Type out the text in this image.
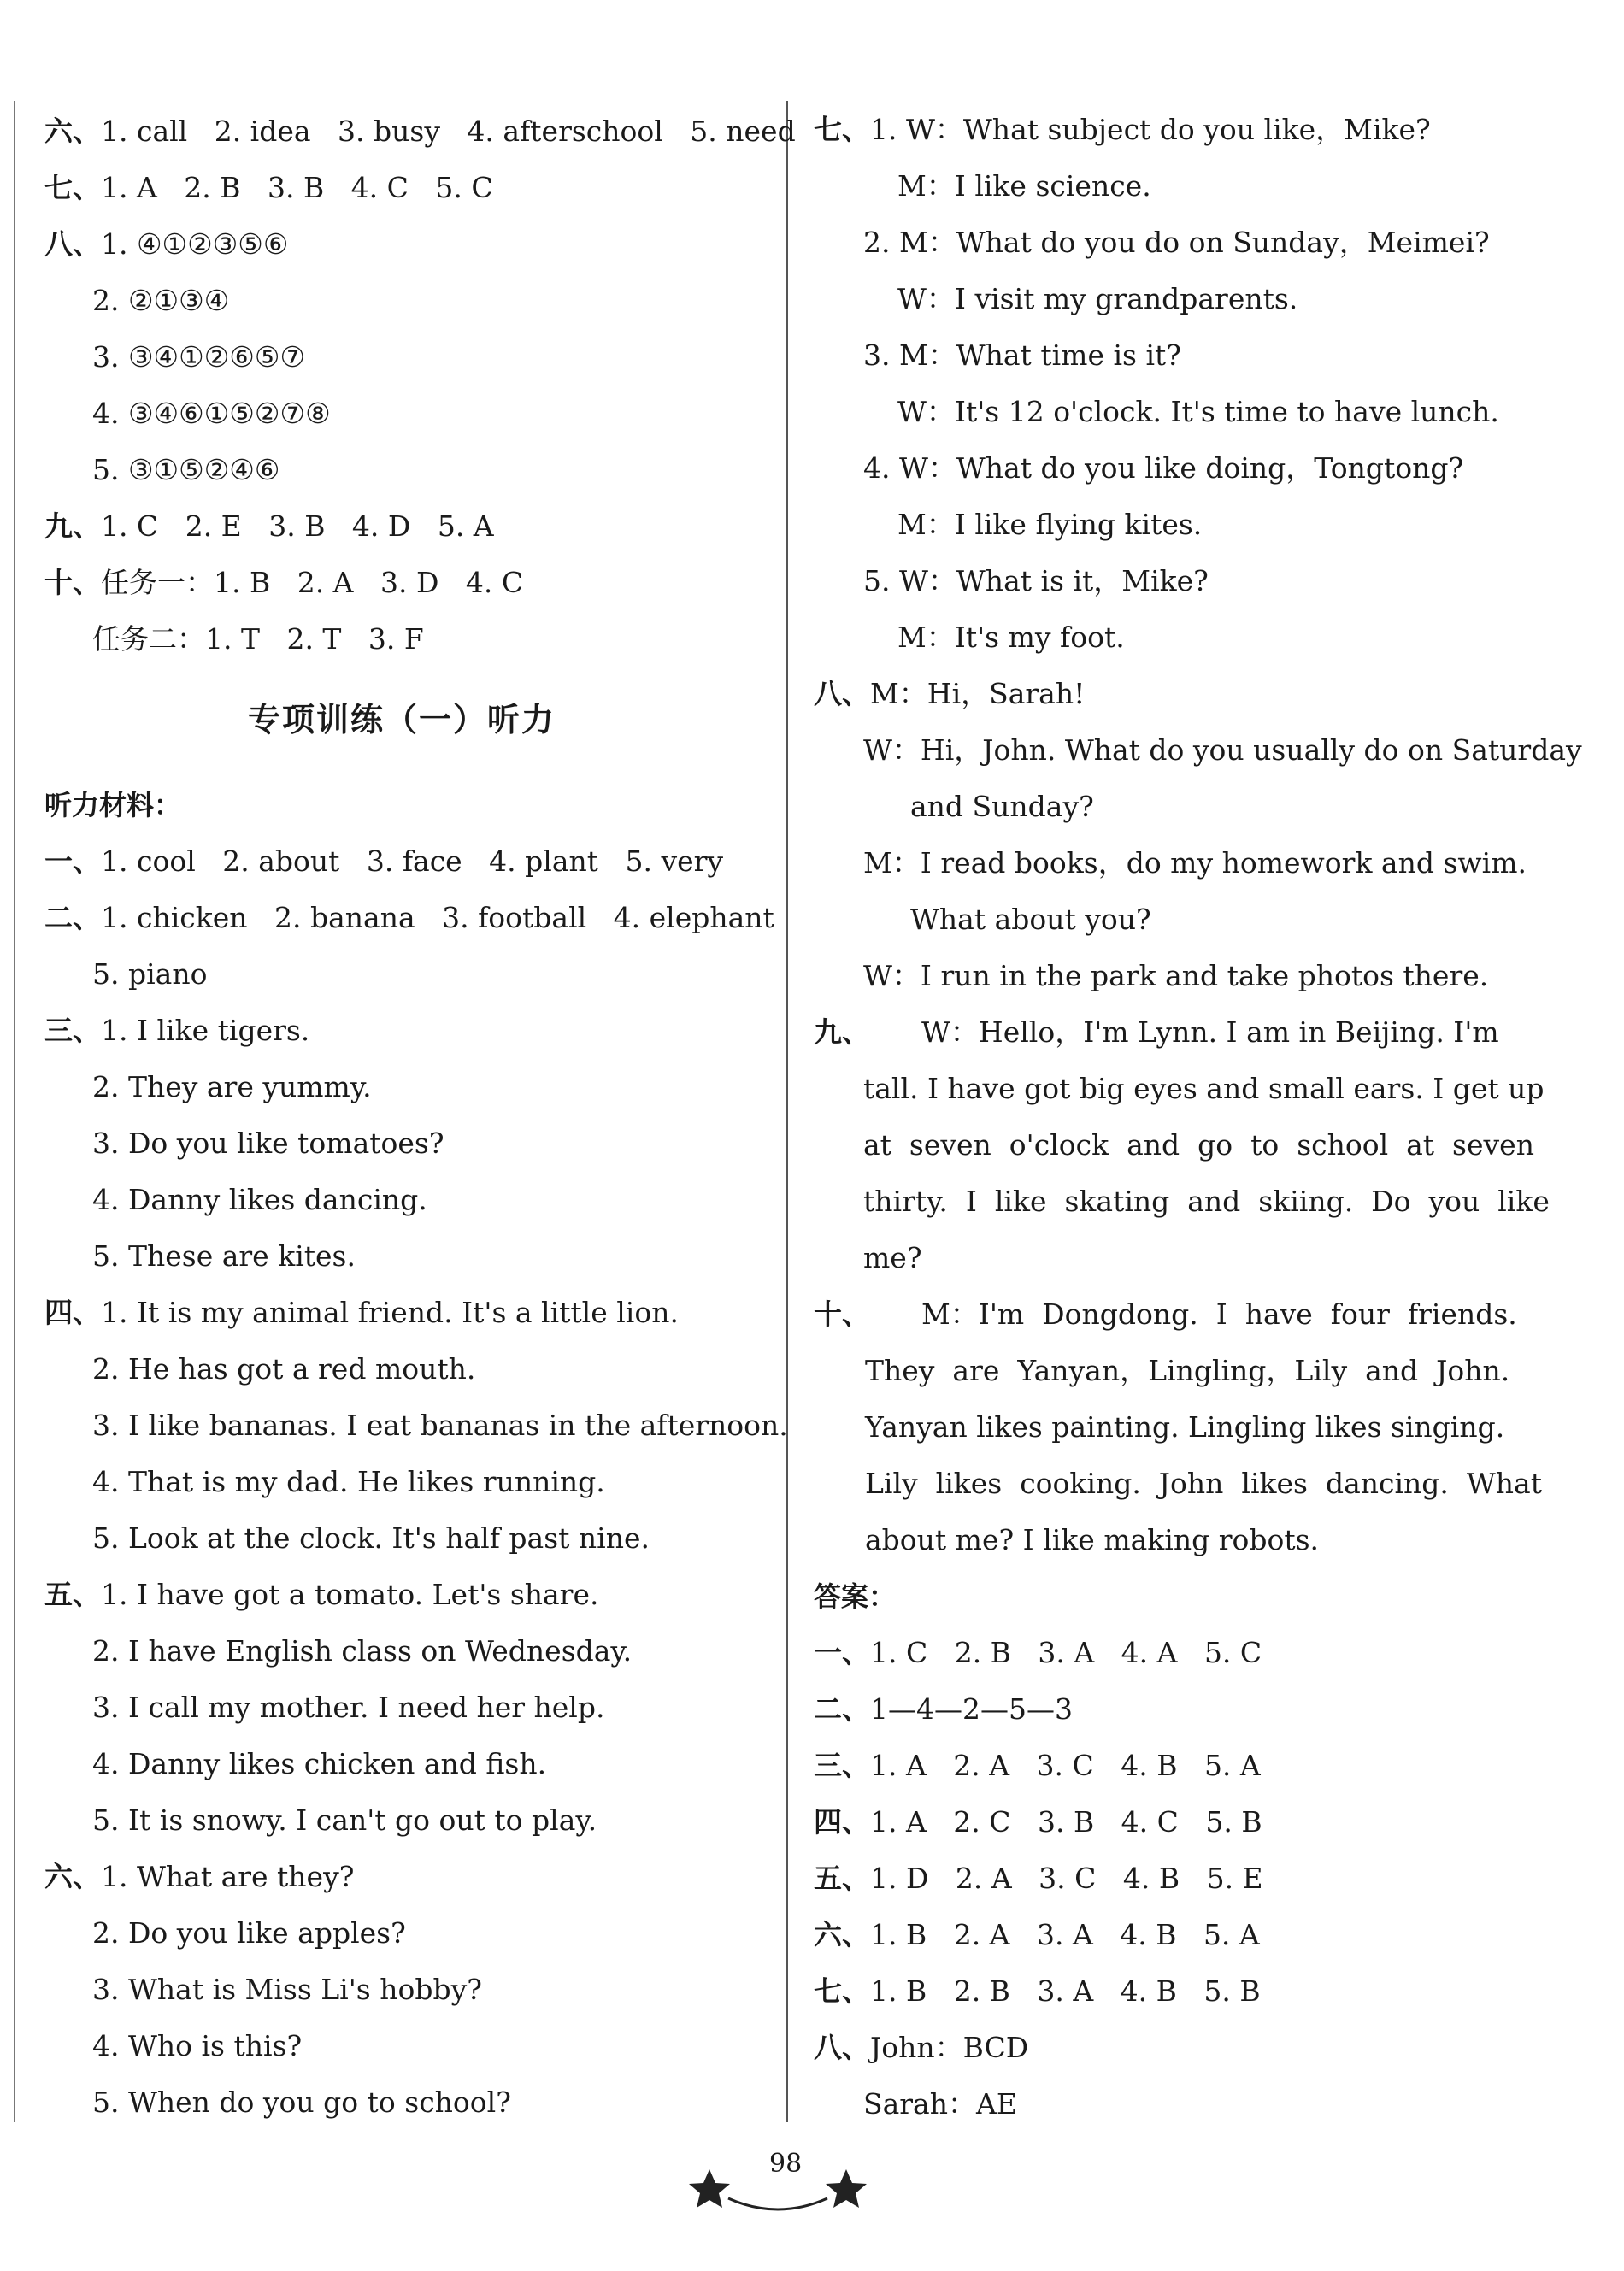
六、1. call   2. idea   3. busy   4. afterschool   5. need
七、1. A   2. B   3. B   4. C   5. C
八、1. ④①②③⑤⑥
2. ②①③④
3. ③④①②⑥⑤⑦
4. ③④⑥①⑤②⑦⑧
5. ③①⑤②④⑥
九、1. C   2. E   3. B   4. D   5. A
十、任务一：1. B   2. A   3. D   4. C
任务二：1. T   2. T   3. F
专项训练（一）听力
听力材料：
一、1. cool   2. about   3. face   4. plant   5. very
二、1. chicken   2. banana   3. football   4. elephant
5. piano
三、1. I like tigers.
2. They are yummy.
3. Do you like tomatoes?
4. Danny likes dancing.
5. These are kites.
四、1. It is my animal friend. It's a little lion.
2. He has got a red mouth.
3. I like bananas. I eat bananas in the afternoon.
4. That is my dad. He likes running.
5. Look at the clock. It's half past nine.
五、1. I have got a tomato. Let's share.
2. I have English class on Wednesday.
3. I call my mother. I need her help.
4. Danny likes chicken and fish.
5. It is snowy. I can't go out to play.
六、1. What are they?
2. Do you like apples?
3. What is Miss Li's hobby?
4. Who is this?
5. When do you go to school?
七、1. W：What subject do you like，Mike?
M：I like science.
2. M：What do you do on Sunday，Meimei?
W：I visit my grandparents.
3. M：What time is it?
W：It's 12 o'clock. It's time to have lunch.
4. W：What do you like doing，Tongtong?
M：I like flying kites.
5. W：What is it，Mike?
M：It's my foot.
八、M：Hi，Sarah!
W：Hi，John. What do you usually do on Saturday
and Sunday?
M：I read books，do my homework and swim.
What about you?
W：I run in the park and take photos there.
九、 W：Hello，I'm Lynn. I am in Beijing. I'm
tall. I have got big eyes and small ears. I get up
at  seven  o'clock  and  go  to  school  at  seven
thirty.  I  like  skating  and  skiing.  Do  you  like
me?
十、 M：I'm  Dongdong.  I  have  four  friends.
They  are  Yanyan，Lingling，Lily  and  John.
Yanyan likes painting. Lingling likes singing.
Lily  likes  cooking.  John  likes  dancing.  What
about me? I like making robots.
答案：
一、1. C   2. B   3. A   4. A   5. C
二、1—4—2—5—3
三、1. A   2. A   3. C   4. B   5. A
四、1. A   2. C   3. B   4. C   5. B
五、1. D   2. A   3. C   4. B   5. E
六、1. B   2. A   3. A   4. B   5. A
七、1. B   2. B   3. A   4. B   5. B
八、John：BCD
Sarah：AE
98
